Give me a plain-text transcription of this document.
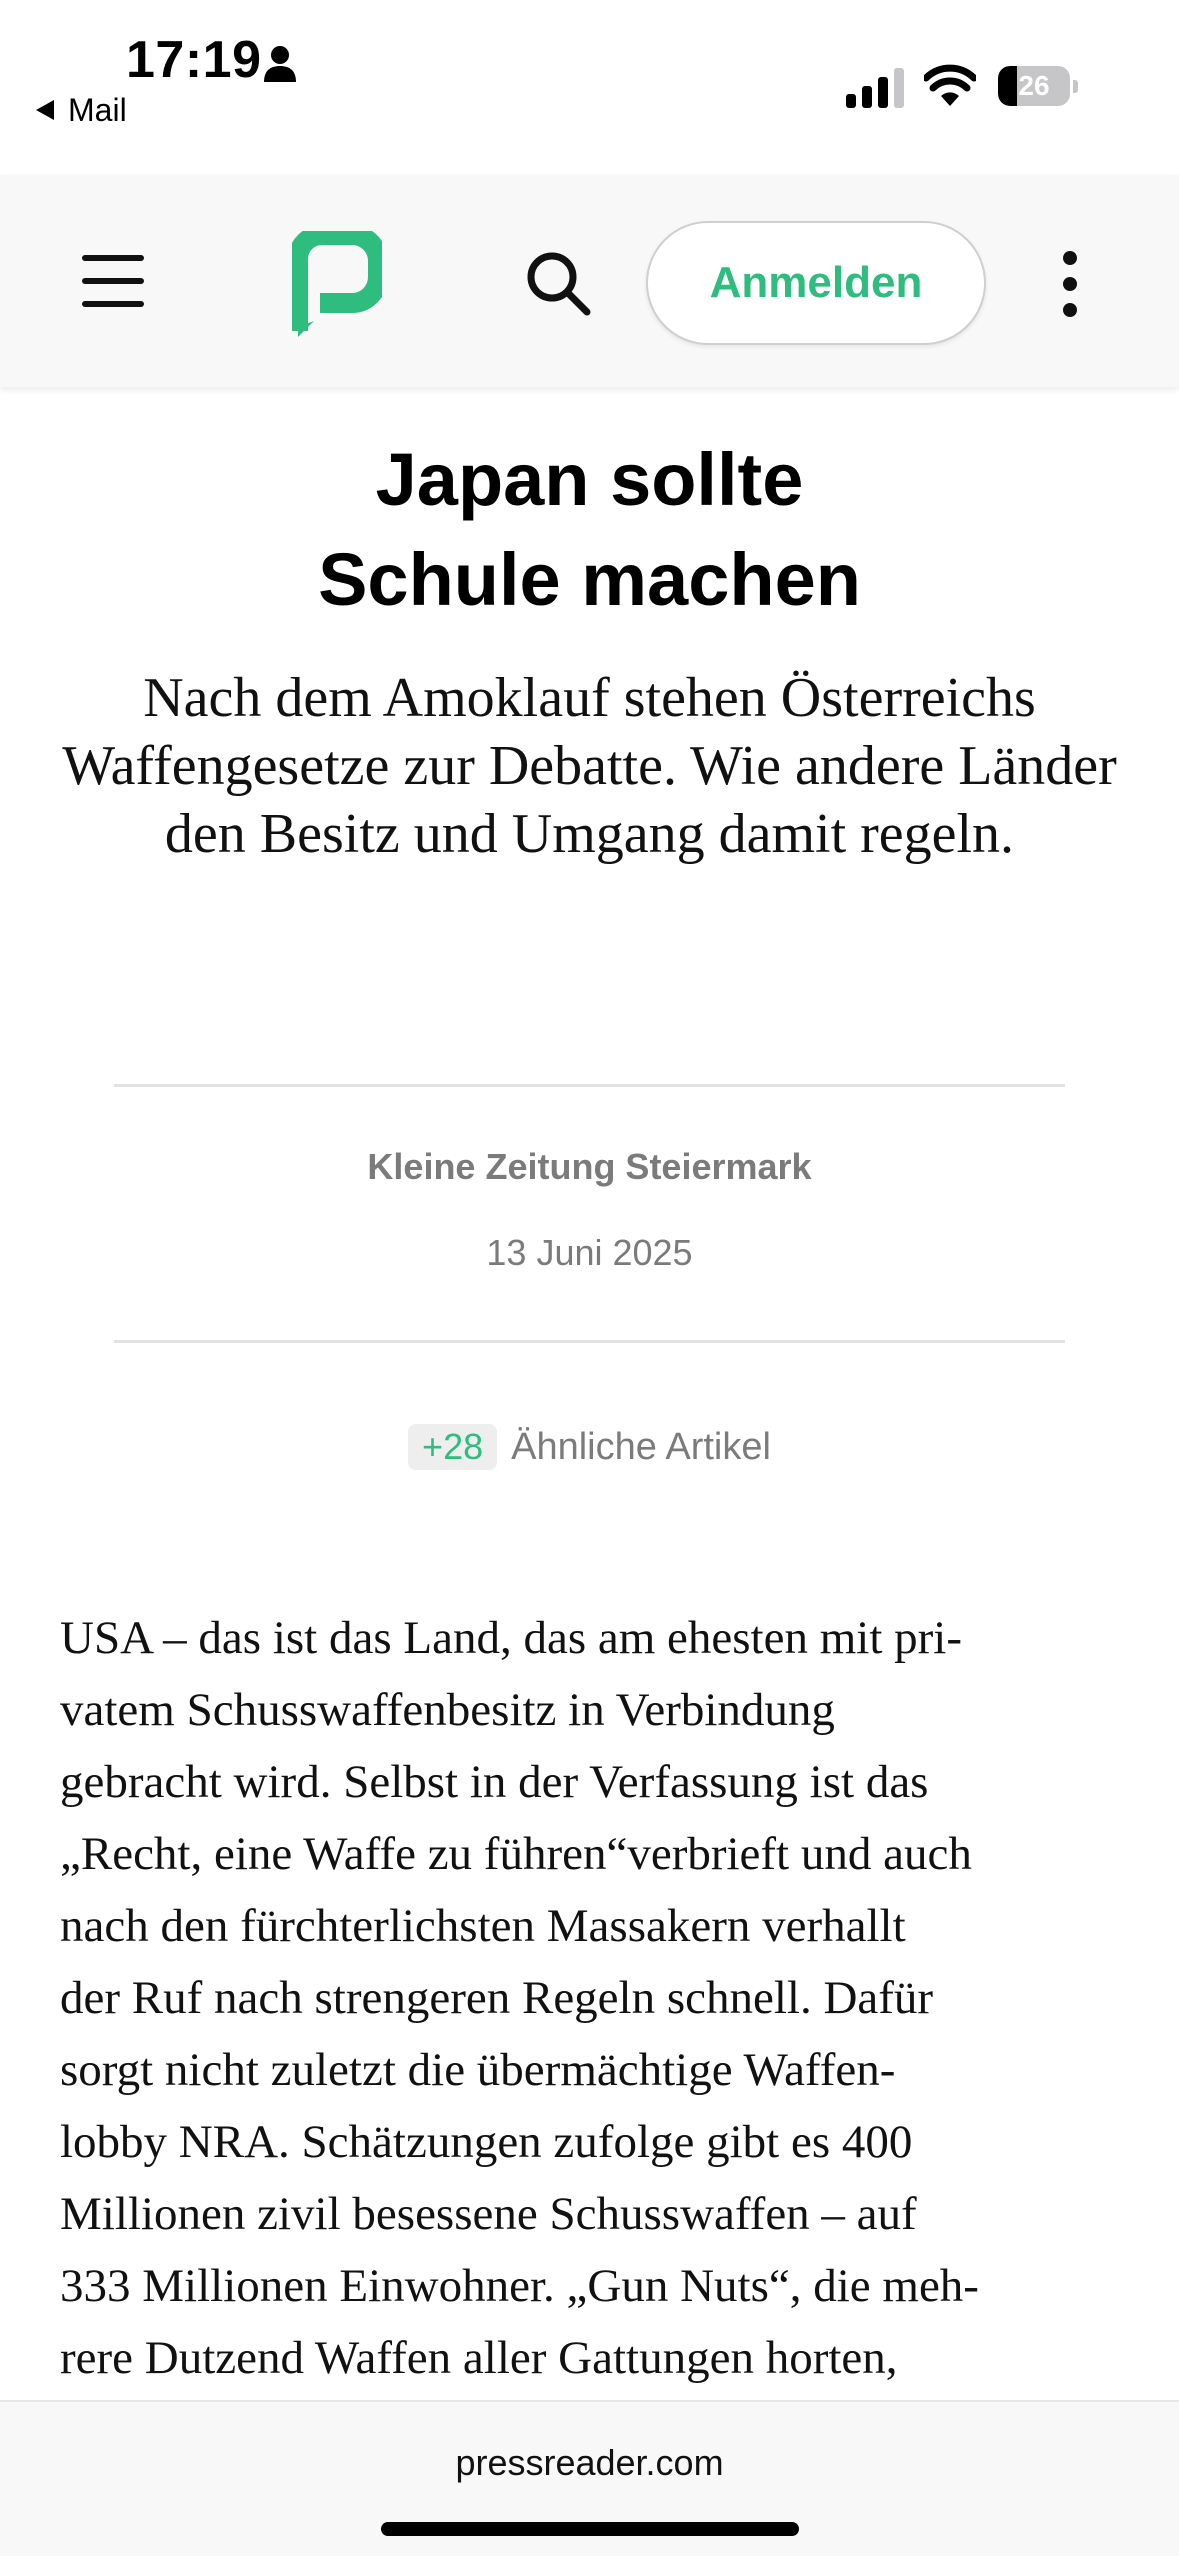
17:19
Mail
26
Anmelden
Japan sollte
Schule machen
Nach dem Amoklauf stehen Österreichs Waffengesetze zur Debatte. Wie andere Länder den Besitz und Umgang damit regeln.
Kleine Zeitung Steiermark
13 Juni 2025
+28 Ähnliche Artikel
USA – das ist das Land, das am ehesten mit pri-
vatem Schusswaffenbesitz in Verbindung
gebracht wird. Selbst in der Verfassung ist das
„Recht, eine Waffe zu führen“verbrieft und auch
nach den fürchterlichsten Massakern verhallt
der Ruf nach strengeren Regeln schnell. Dafür
sorgt nicht zuletzt die übermächtige Waffen-
lobby NRA. Schätzungen zufolge gibt es 400
Millionen zivil besessene Schusswaffen – auf
333 Millionen Einwohner. „Gun Nuts“, die meh-
rere Dutzend Waffen aller Gattungen horten,
pressreader.com
